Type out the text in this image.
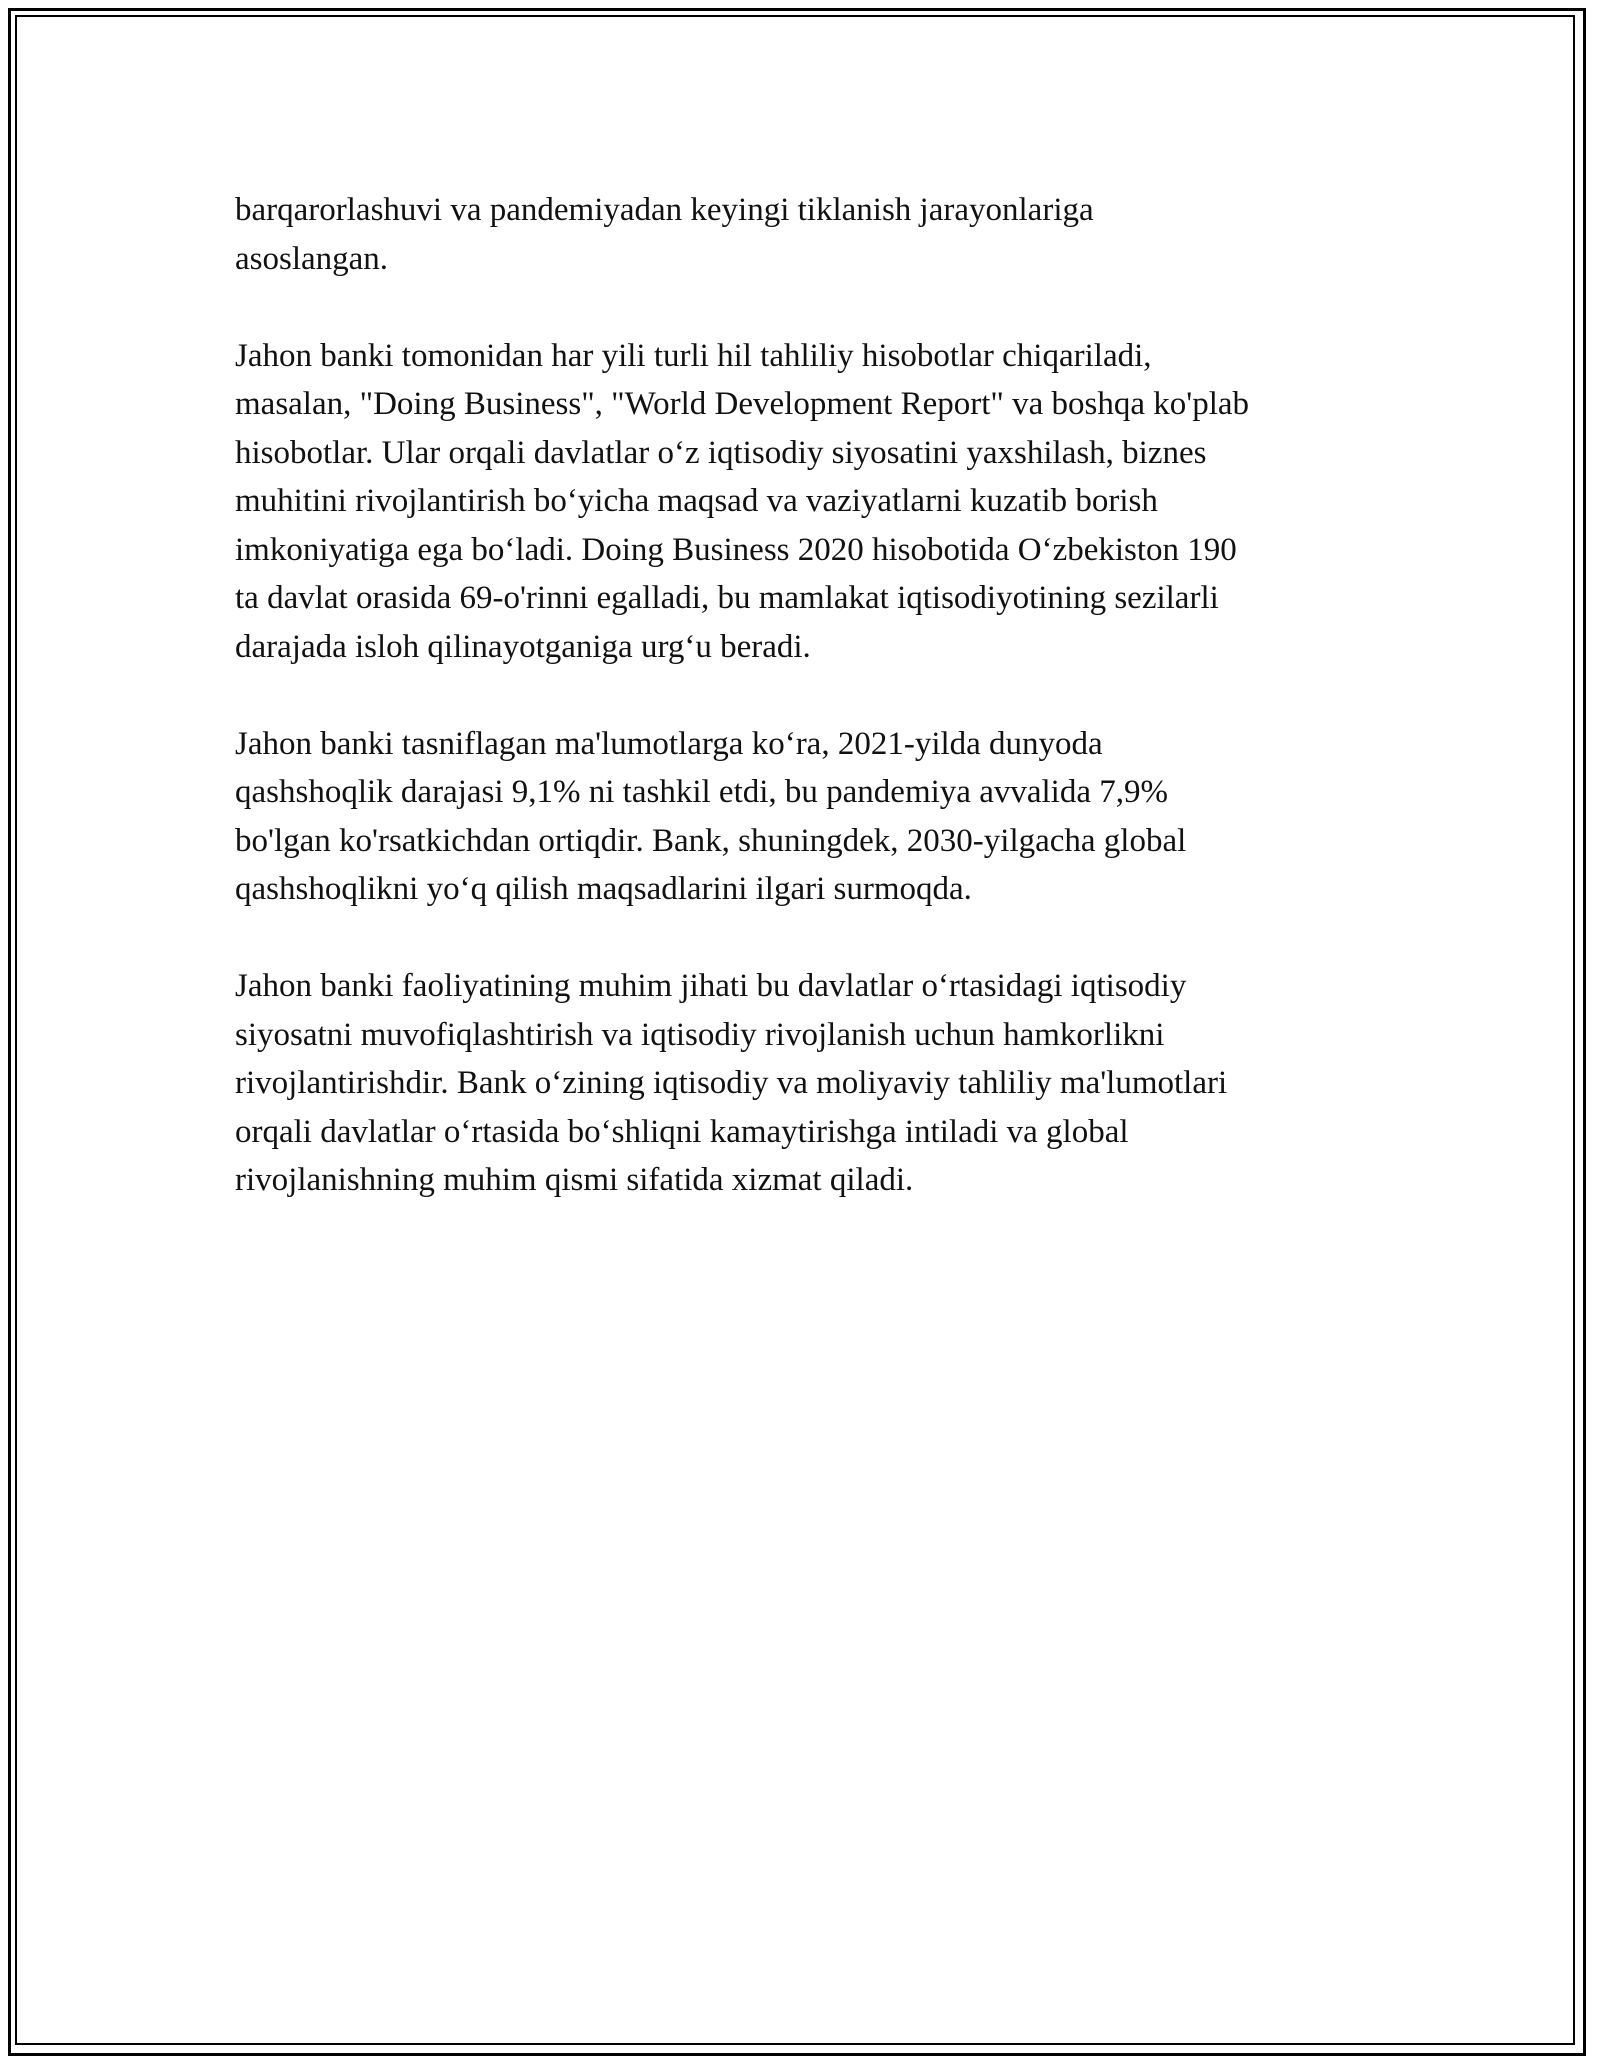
barqarorlashuvi va pandemiyadan keyingi tiklanish jarayonlariga
asoslangan.

Jahon banki tomonidan har yili turli hil tahliliy hisobotlar chiqariladi,
masalan, "Doing Business", "World Development Report" va boshqa ko'plab
hisobotlar. Ular orqali davlatlar o‘z iqtisodiy siyosatini yaxshilash, biznes
muhitini rivojlantirish bo‘yicha maqsad va vaziyatlarni kuzatib borish
imkoniyatiga ega bo‘ladi. Doing Business 2020 hisobotida O‘zbekiston 190
ta davlat orasida 69-o'rinni egalladi, bu mamlakat iqtisodiyotining sezilarli
darajada isloh qilinayotganiga urg‘u beradi.

Jahon banki tasniflagan ma'lumotlarga ko‘ra, 2021-yilda dunyoda
qashshoqlik darajasi 9,1% ni tashkil etdi, bu pandemiya avvalida 7,9%
bo'lgan ko'rsatkichdan ortiqdir. Bank, shuningdek, 2030-yilgacha global
qashshoqlikni yo‘q qilish maqsadlarini ilgari surmoqda.

Jahon banki faoliyatining muhim jihati bu davlatlar o‘rtasidagi iqtisodiy
siyosatni muvofiqlashtirish va iqtisodiy rivojlanish uchun hamkorlikni
rivojlantirishdir. Bank o‘zining iqtisodiy va moliyaviy tahliliy ma'lumotlari
orqali davlatlar o‘rtasida bo‘shliqni kamaytirishga intiladi va global
rivojlanishning muhim qismi sifatida xizmat qiladi.
